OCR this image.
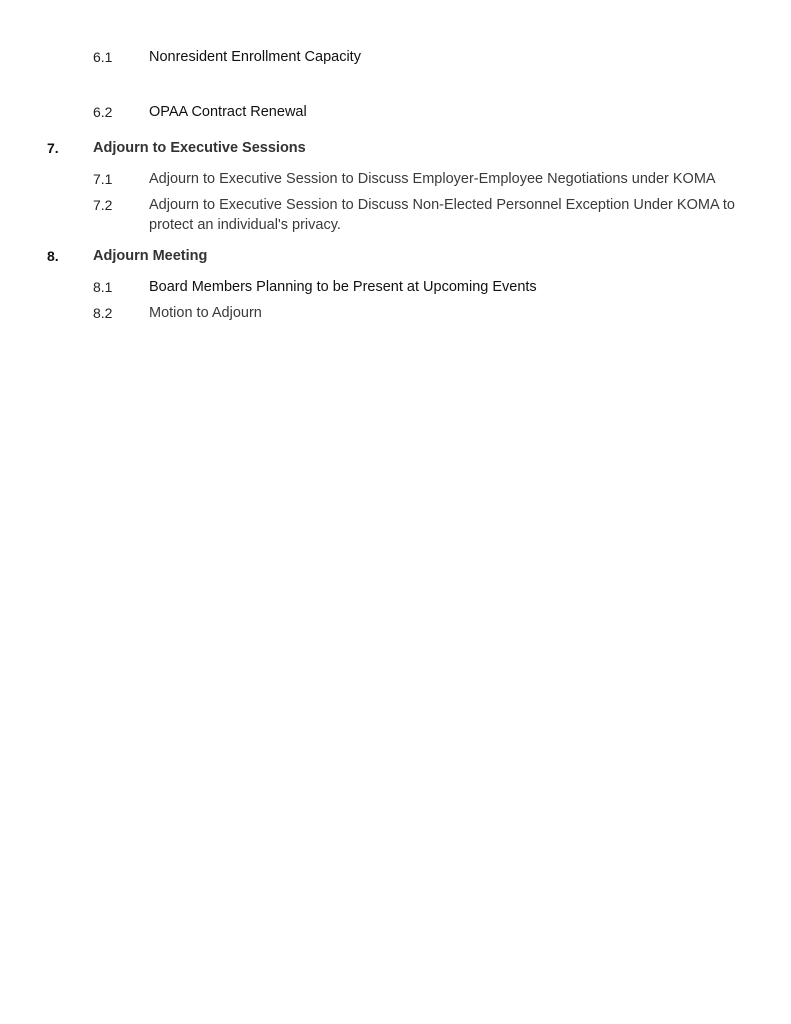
6.1	Nonresident Enrollment Capacity
6.2	OPAA Contract Renewal
7. Adjourn to Executive Sessions
7.1	Adjourn to Executive Session to Discuss Employer-Employee Negotiations under KOMA
7.2	Adjourn to Executive Session to Discuss Non-Elected Personnel Exception Under KOMA to protect an individual's privacy.
8. Adjourn Meeting
8.1	Board Members Planning to be Present at Upcoming Events
8.2	Motion to Adjourn
